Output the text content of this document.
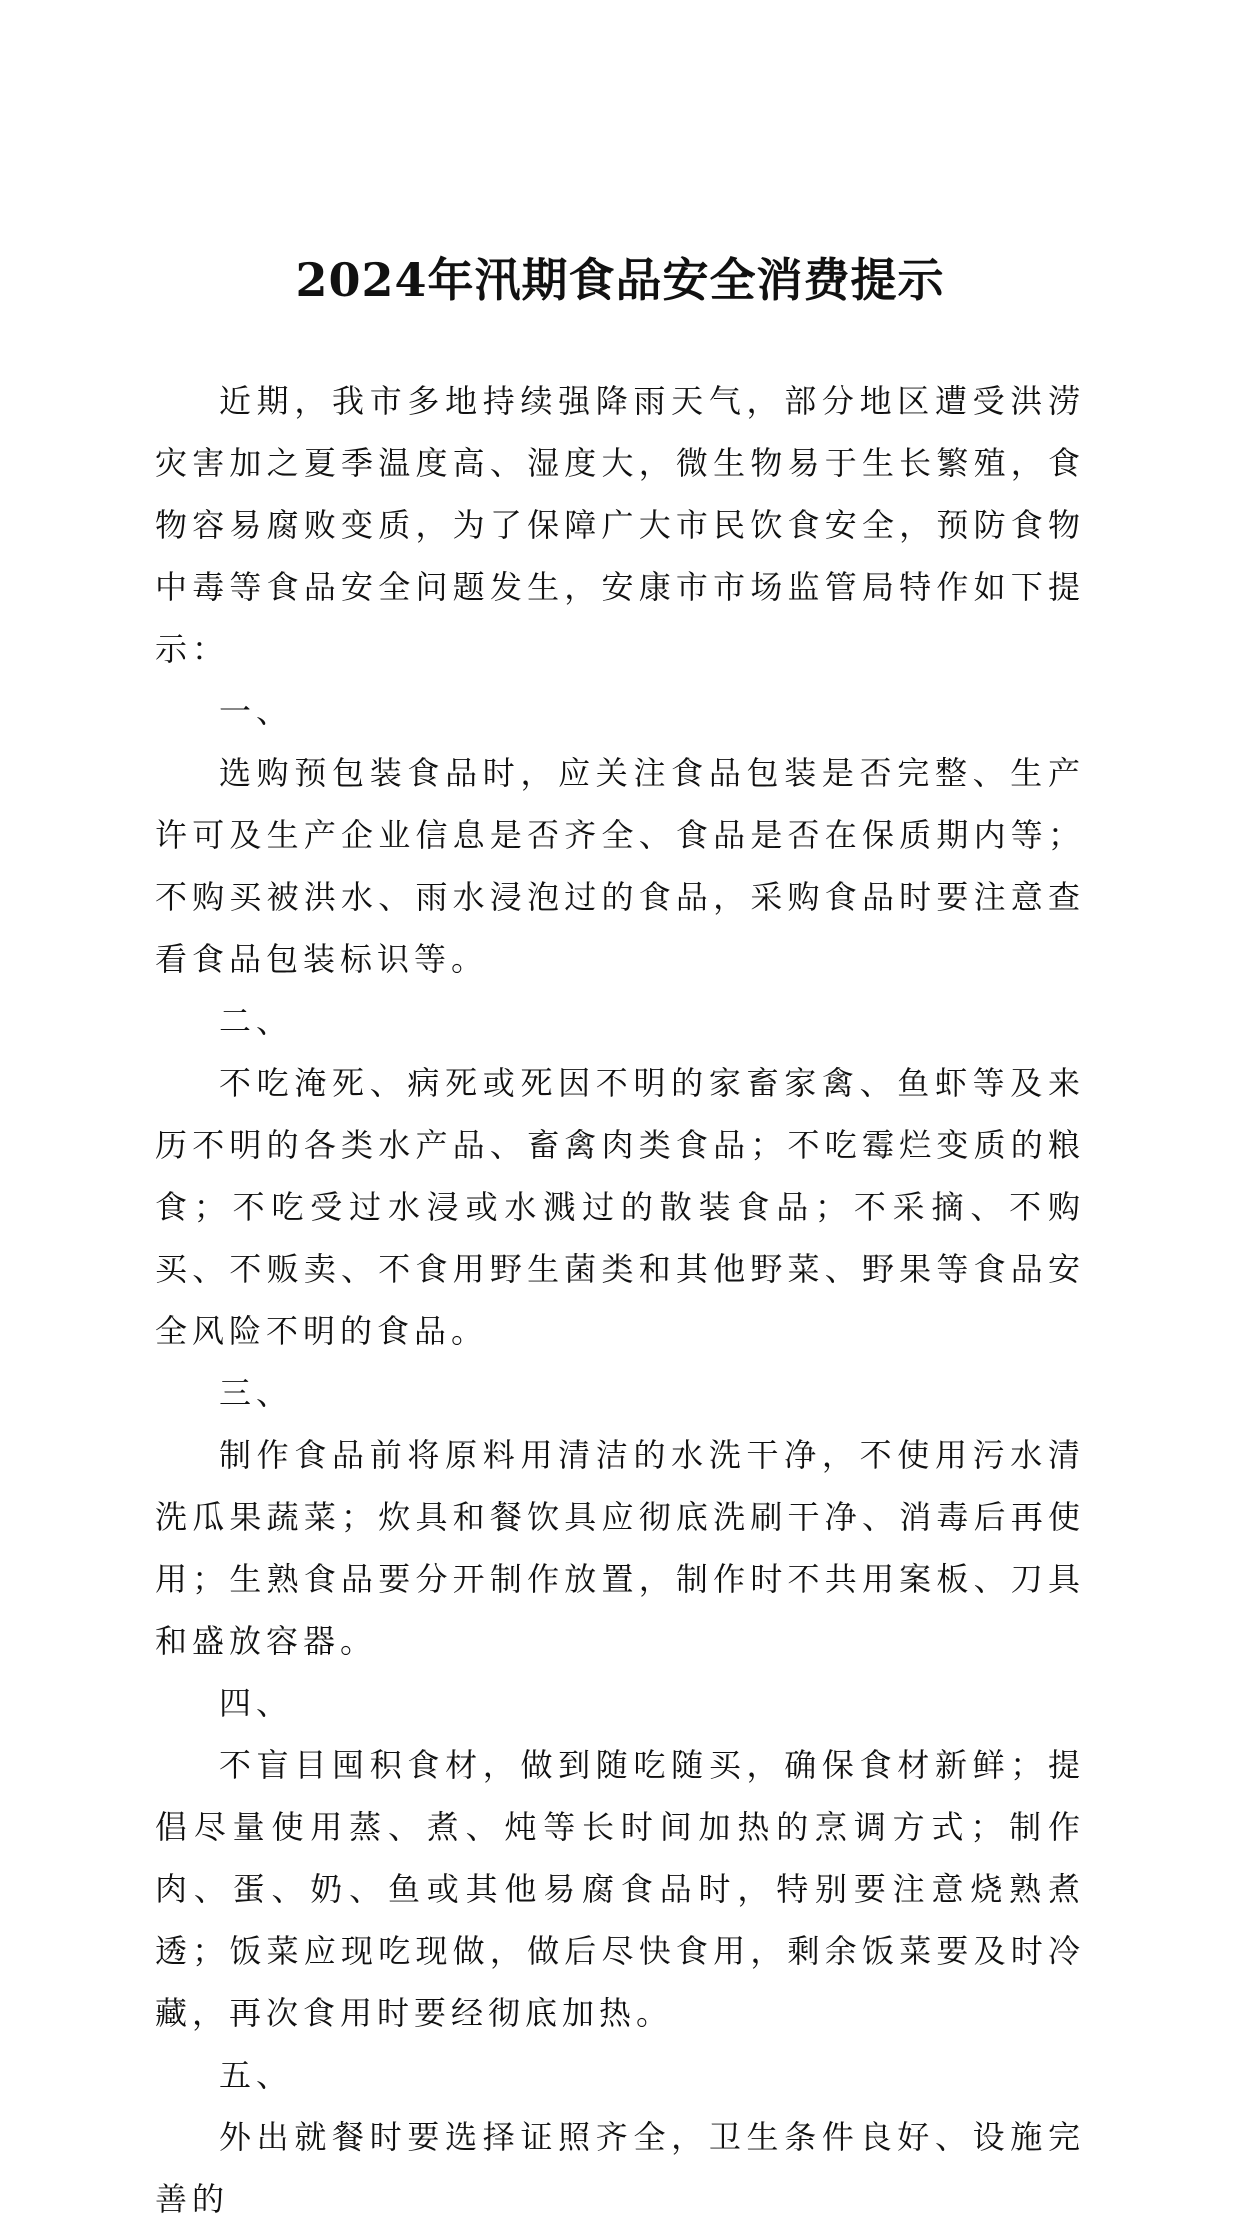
2024年汛期食品安全消费提示

近期，我市多地持续强降雨天气，部分地区遭受洪涝灾害加之夏季温度高、湿度大，微生物易于生长繁殖，食物容易腐败变质，为了保障广大市民饮食安全，预防食物中毒等食品安全问题发生，安康市市场监管局特作如下提示：

一、

选购预包装食品时，应关注食品包装是否完整、生产许可及生产企业信息是否齐全、食品是否在保质期内等；不购买被洪水、雨水浸泡过的食品，采购食品时要注意查看食品包装标识等。

二、

不吃淹死、病死或死因不明的家畜家禽、鱼虾等及来历不明的各类水产品、畜禽肉类食品；不吃霉烂变质的粮食；不吃受过水浸或水溅过的散装食品；不采摘、不购买、不贩卖、不食用野生菌类和其他野菜、野果等食品安全风险不明的食品。

三、

制作食品前将原料用清洁的水洗干净，不使用污水清洗瓜果蔬菜；炊具和餐饮具应彻底洗刷干净、消毒后再使用；生熟食品要分开制作放置，制作时不共用案板、刀具和盛放容器。

四、

不盲目囤积食材，做到随吃随买，确保食材新鲜；提倡尽量使用蒸、煮、炖等长时间加热的烹调方式；制作肉、蛋、奶、鱼或其他易腐食品时，特别要注意烧熟煮透；饭菜应现吃现做，做后尽快食用，剩余饭菜要及时冷藏，再次食用时要经彻底加热。

五、

外出就餐时要选择证照齐全，卫生条件良好、设施完善的
